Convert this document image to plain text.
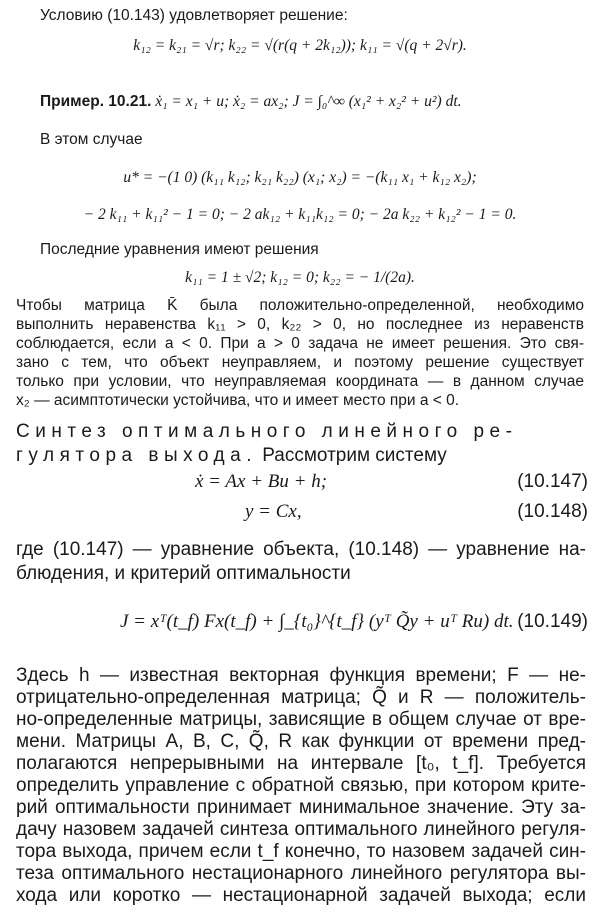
Условию (10.143) удовлетворяет решение:
k₁₂ = k₂₁ = √r; k₂₂ = √(r(q + 2k₁₂)); k₁₁ = √(q + 2√r).
Пример. 10.21. ẋ₁ = x₁ + u; ẋ₂ = ax₂; J = ∫₀^∞ (x₁² + x₂² + u²) dt.
В этом случае
u* = −(1 0) (k₁₁ k₁₂; k₂₁ k₂₂) (x₁; x₂) = −(k₁₁ x₁ + k₁₂ x₂);
− 2 k₁₁ + k₁₁² − 1 = 0; − 2 ak₁₂ + k₁₁k₁₂ = 0; − 2a k₂₂ + k₁₂² − 1 = 0.
Последние уравнения имеют решения
k₁₁ = 1 ± √2; k₁₂ = 0; k₂₂ = − 1/(2a).
Чтобы матрица K̄ была положительно-определенной, необходимо
выполнить неравенства k₁₁ > 0, k₂₂ > 0, но последнее из неравенств
соблюдается, если a < 0. При a > 0 задача не имеет решения. Это свя-
зано с тем, что объект неуправляем, и поэтому решение существует
только при условии, что неуправляемая координата — в данном случае
x₂ — асимптотически устойчива, что и имеет место при a < 0.
Синтез оптимального линейного ре-
гулятора выхода. Рассмотрим систему
ẋ = Ax + Bu + h;	(10.147)
y = Cx,	(10.148)
где (10.147) — уравнение объекта, (10.148) — уравнение на-
блюдения, и критерий оптимальности
J = xᵀ(t_f) Fx(t_f) + ∫_{t₀}^{t_f} (yᵀ Q̃y + uᵀ Ru) dt. (10.149)
Здесь h — известная векторная функция времени; F — не-
отрицательно-определенная матрица; Q̃ и R — положитель-
но-определенные матрицы, зависящие в общем случае от вре-
мени. Матрицы A, B, C, Q̃, R как функции от времени пред-
полагаются непрерывными на интервале [t₀, t_f]. Требуется
определить управление с обратной связью, при котором крите-
рий оптимальности принимает минимальное значение. Эту за-
дачу назовем задачей синтеза оптимального линейного регуля-
тора выхода, причем если t_f конечно, то назовем задачей син-
теза оптимального нестационарного линейного регулятора вы-
хода или коротко — нестационарной задачей выхода; если
